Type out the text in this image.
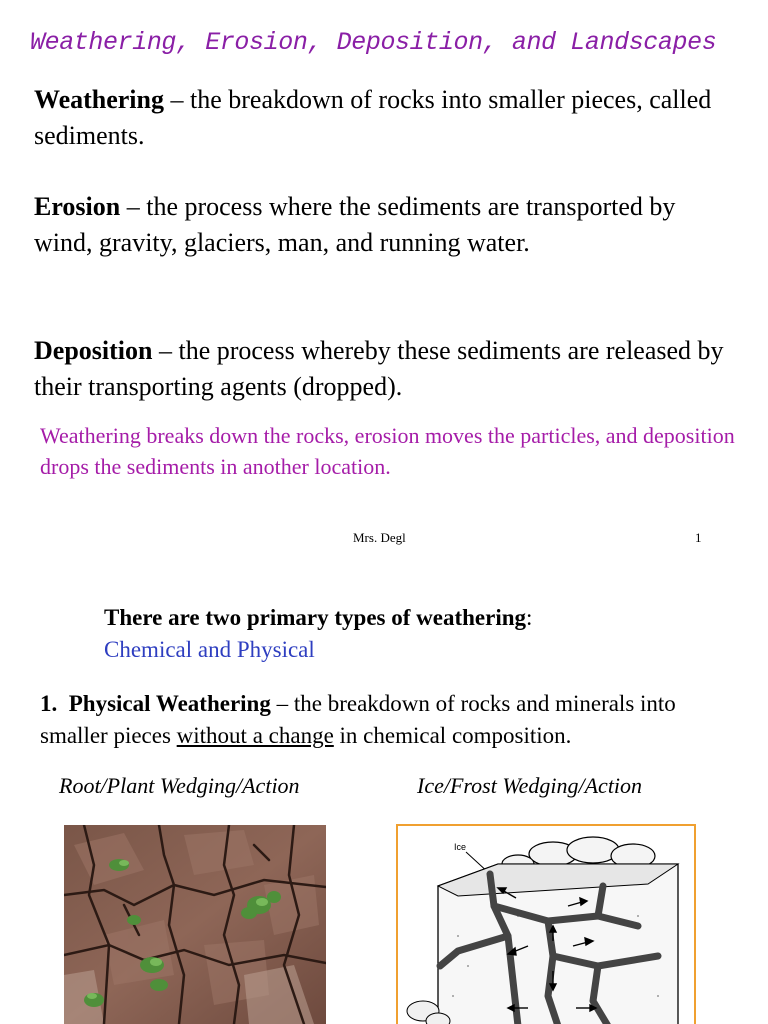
Weathering, Erosion, Deposition, and Landscapes
Weathering – the breakdown of rocks into smaller pieces, called sediments.
Erosion – the process where the sediments are transported by wind, gravity, glaciers, man, and running water.
Deposition – the process whereby these sediments are released by their transporting agents (dropped).
Weathering breaks down the rocks, erosion moves the particles, and deposition drops the sediments in another location.
Mrs. Degl	1
There are two primary types of weathering:
Chemical and Physical
1.  Physical Weathering – the breakdown of rocks and minerals into smaller pieces without a change in chemical composition.
Root/Plant Wedging/Action	Ice/Frost Wedging/Action
Ice
